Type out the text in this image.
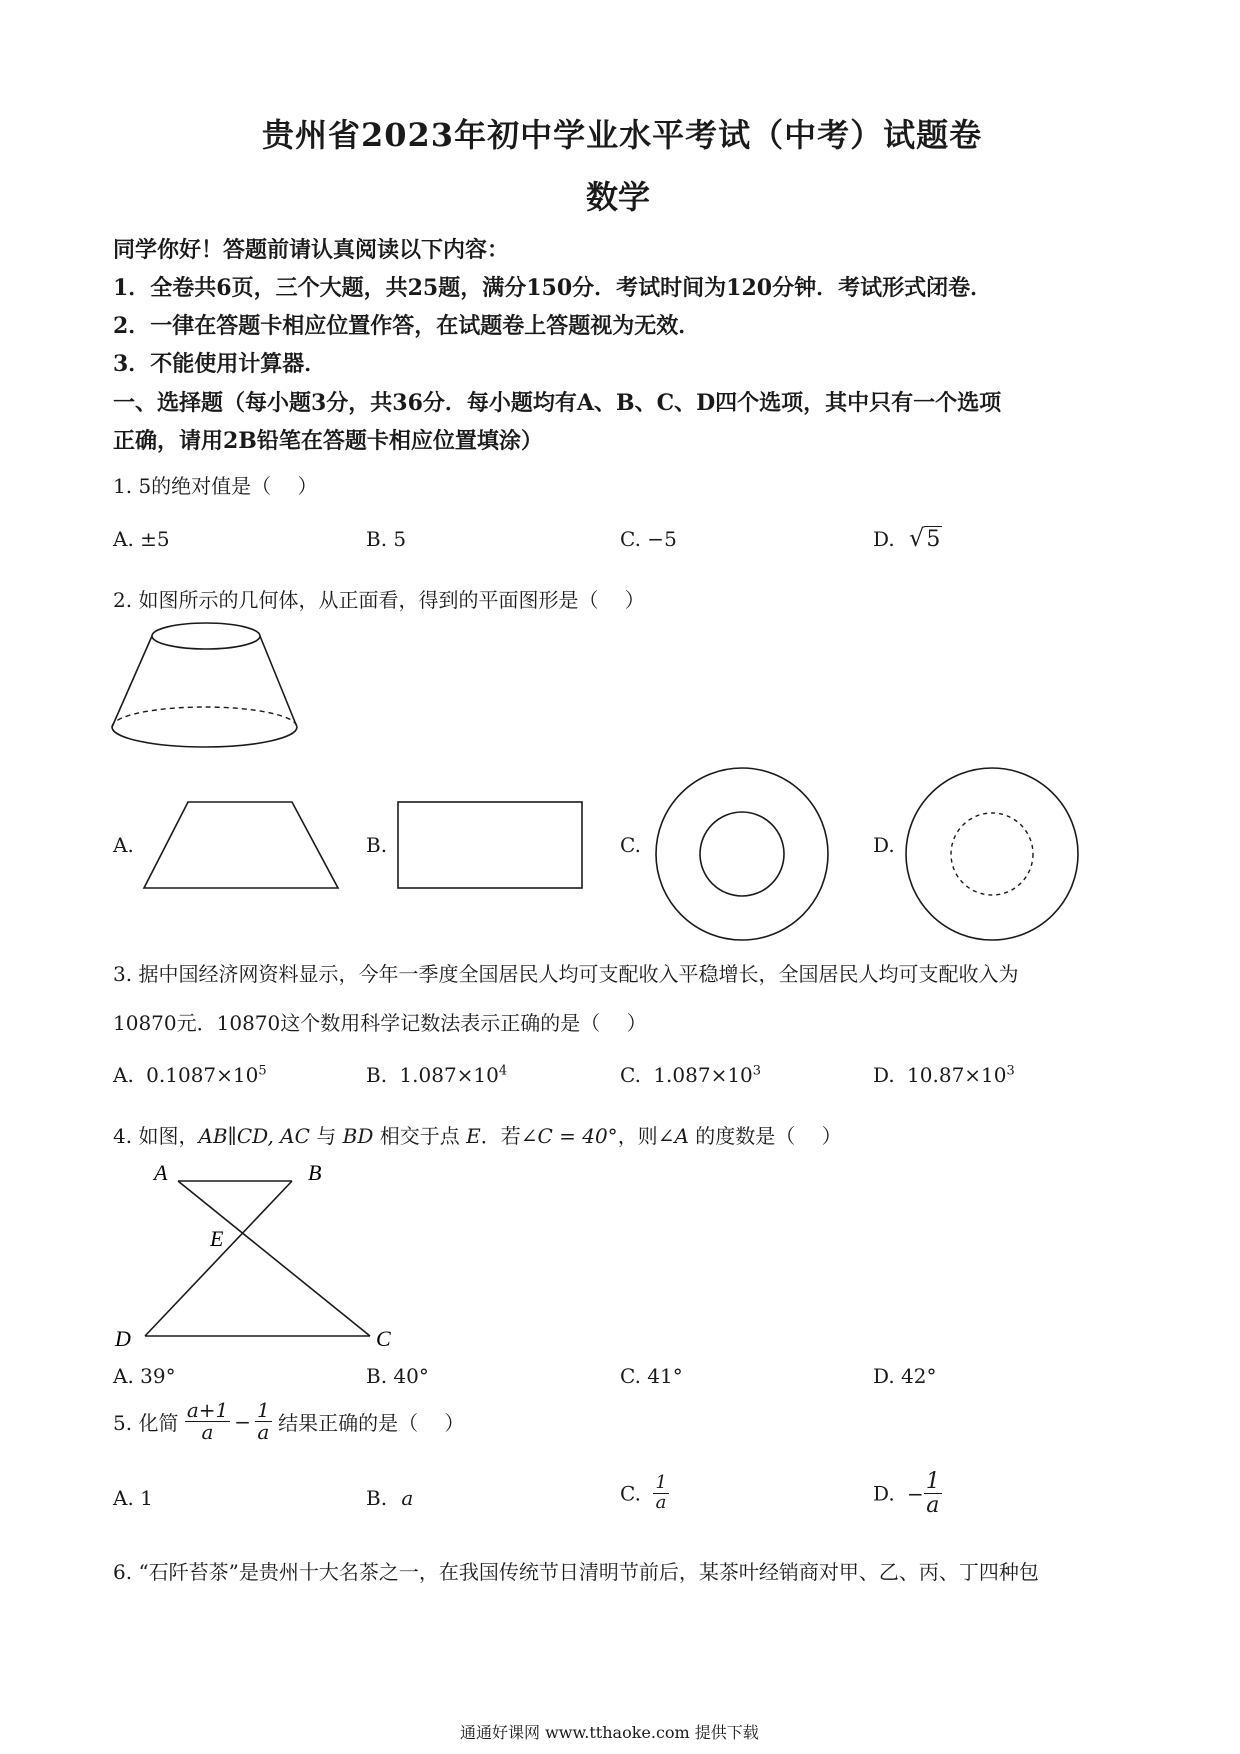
贵州省2023年初中学业水平考试（中考）试题卷
数学
同学你好！答题前请认真阅读以下内容：
1．全卷共6页，三个大题，共25题，满分150分．考试时间为120分钟．考试形式闭卷．
2．一律在答题卡相应位置作答，在试题卷上答题视为无效．
3．不能使用计算器．
一、选择题（每小题3分，共36分．每小题均有A、B、C、D四个选项，其中只有一个选项
正确，请用2B铅笔在答题卡相应位置填涂）
1. 5的绝对值是（　 ）
A. ±5	B. 5	C. −5	D. √5
2. 如图所示的几何体，从正面看，得到的平面图形是（　 ）
A.	B.	C.	D.
3. 据中国经济网资料显示，今年一季度全国居民人均可支配收入平稳增长，全国居民人均可支配收入为
10870元．10870这个数用科学记数法表示正确的是（　 ）
A. $0.1087\times 10^5$	B. $1.087\times 10^4$	C. $1.087\times 10^3$	D. $10.87\times 10^3$
4. 如图，AB∥CD, AC 与 BD 相交于点 E．若∠C = 40°，则∠A 的度数是（　 ）
A	B
E
D	C
A. 39°	B. 40°	C. 41°	D. 42°
5. 化简 $\frac{a+1}{a} - \frac{1}{a}$ 结果正确的是（　 ）
A. 1	B. a	C. $\frac{1}{a}$	D. − $\frac{1}{a}$
6. “石阡苔茶”是贵州十大名茶之一，在我国传统节日清明节前后，某茶叶经销商对甲、乙、丙、丁四种包
通通好课网 www.tthaoke.com 提供下载
